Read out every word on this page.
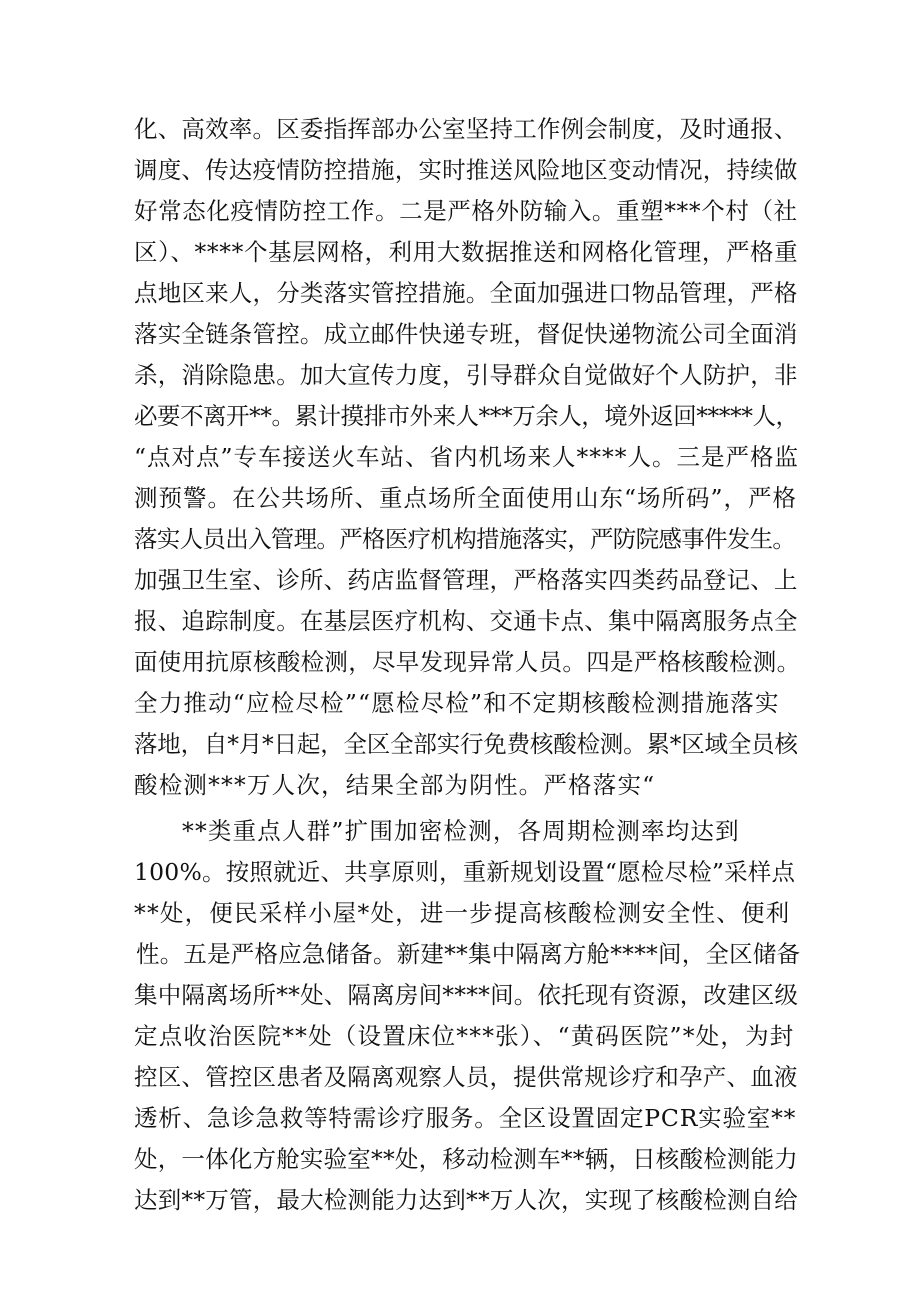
化、高效率。区委指挥部办公室坚持工作例会制度，及时通报、

调度、传达疫情防控措施，实时推送风险地区变动情况，持续做

好常态化疫情防控工作。二是严格外防输入。重塑***个村（社

区）、****个基层网格，利用大数据推送和网格化管理，严格重

点地区来人，分类落实管控措施。全面加强进口物品管理，严格

落实全链条管控。成立邮件快递专班，督促快递物流公司全面消

杀，消除隐患。加大宣传力度，引导群众自觉做好个人防护，非

必要不离开**。累计摸排市外来人***万余人，境外返回*****人，

“点对点”专车接送火车站、省内机场来人****人。三是严格监

测预警。在公共场所、重点场所全面使用山东“场所码”，严格

落实人员出入管理。严格医疗机构措施落实，严防院感事件发生。

加强卫生室、诊所、药店监督管理，严格落实四类药品登记、上

报、追踪制度。在基层医疗机构、交通卡点、集中隔离服务点全

面使用抗原核酸检测，尽早发现异常人员。四是严格核酸检测。

全力推动“应检尽检”“愿检尽检”和不定期核酸检测措施落实

落地，自*月*日起，全区全部实行免费核酸检测。累*区域全员核

酸检测***万人次，结果全部为阴性。严格落实“

**类重点人群”扩围加密检测，各周期检测率均达到

100%。按照就近、共享原则，重新规划设置“愿检尽检”采样点

**处，便民采样小屋*处，进一步提高核酸检测安全性、便利

性。五是严格应急储备。新建**集中隔离方舱****间，全区储备

集中隔离场所**处、隔离房间****间。依托现有资源，改建区级

定点收治医院**处（设置床位***张）、“黄码医院”*处，为封

控区、管控区患者及隔离观察人员，提供常规诊疗和孕产、血液

透析、急诊急救等特需诊疗服务。全区设置固定PCR实验室**

处，一体化方舱实验室**处，移动检测车**辆，日核酸检测能力

达到**万管，最大检测能力达到**万人次，实现了核酸检测自给
